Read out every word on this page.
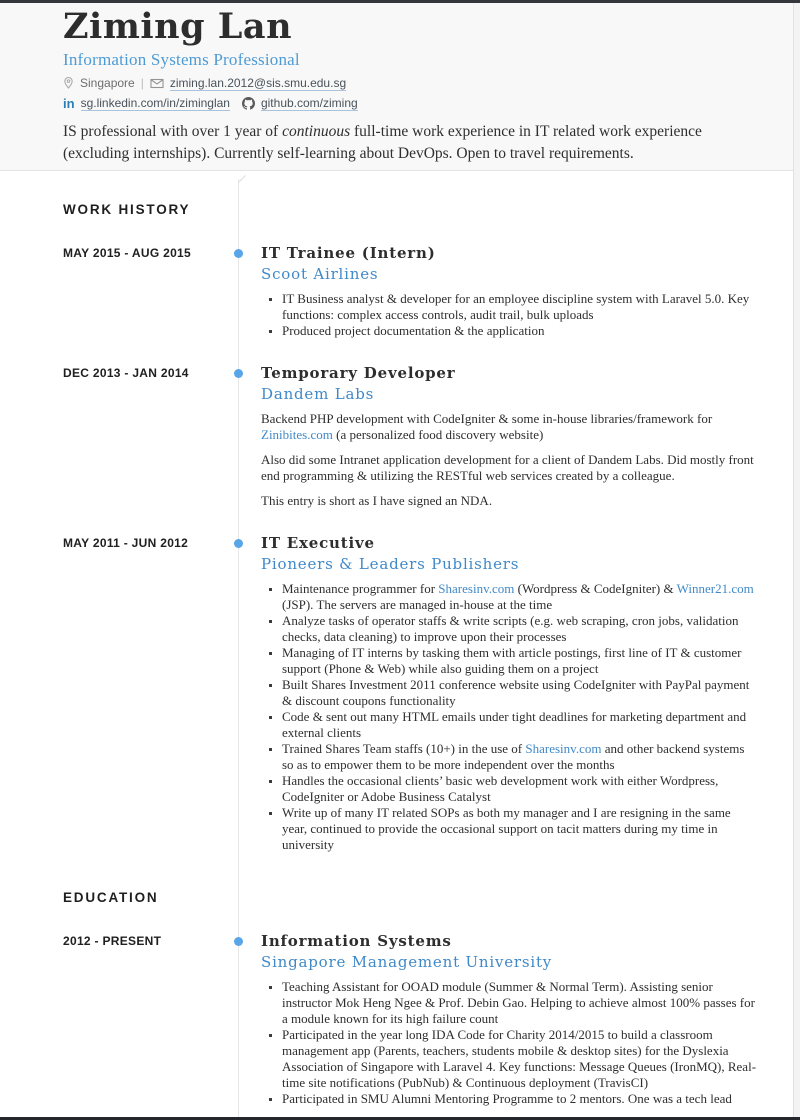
Ziming Lan
Information Systems Professional
Singapore | ziming.lan.2012@sis.smu.edu.sg
in sg.linkedin.com/in/ziminglan	github.com/ziming

IS professional with over 1 year of continuous full-time work experience in IT related work experience (excluding internships). Currently self-learning about DevOps. Open to travel requirements.

WORK HISTORY
MAY 2015 - AUG 2015	IT Trainee (Intern)
Scoot Airlines
IT Business analyst & developer for an employee discipline system with Laravel 5.0. Key functions: complex access controls, audit trail, bulk uploads
Produced project documentation & the application
DEC 2013 - JAN 2014	Temporary Developer
Dandem Labs

Backend PHP development with CodeIgniter & some in-house libraries/framework for Zinibites.com (a personalized food discovery website)

Also did some Intranet application development for a client of Dandem Labs. Did mostly front end programming & utilizing the RESTful web services created by a colleague.

This entry is short as I have signed an NDA.

MAY 2011 - JUN 2012	IT Executive
Pioneers & Leaders Publishers
Maintenance programmer for Sharesinv.com (Wordpress & CodeIgniter) & Winner21.com (JSP). The servers are managed in-house at the time
Analyze tasks of operator staffs & write scripts (e.g. web scraping, cron jobs, validation checks, data cleaning) to improve upon their processes
Managing of IT interns by tasking them with article postings, first line of IT & customer support (Phone & Web) while also guiding them on a project
Built Shares Investment 2011 conference website using CodeIgniter with PayPal payment & discount coupons functionality
Code & sent out many HTML emails under tight deadlines for marketing department and external clients
Trained Shares Team staffs (10+) in the use of Sharesinv.com and other backend systems so as to empower them to be more independent over the months
Handles the occasional clients’ basic web development work with either Wordpress, CodeIgniter or Adobe Business Catalyst
Write up of many IT related SOPs as both my manager and I are resigning in the same year, continued to provide the occasional support on tacit matters during my time in university
EDUCATION
2012 - PRESENT	Information Systems
Singapore Management University
Teaching Assistant for OOAD module (Summer & Normal Term). Assisting senior instructor Mok Heng Ngee & Prof. Debin Gao. Helping to achieve almost 100% passes for a module known for its high failure count
Participated in the year long IDA Code for Charity 2014/2015 to build a classroom management app (Parents, teachers, students mobile & desktop sites) for the Dyslexia Association of Singapore with Laravel 4. Key functions: Message Queues (IronMQ), Real-time site notifications (PubNub) & Continuous deployment (TravisCI)
Participated in SMU Alumni Mentoring Programme to 2 mentors. One was a tech lead
